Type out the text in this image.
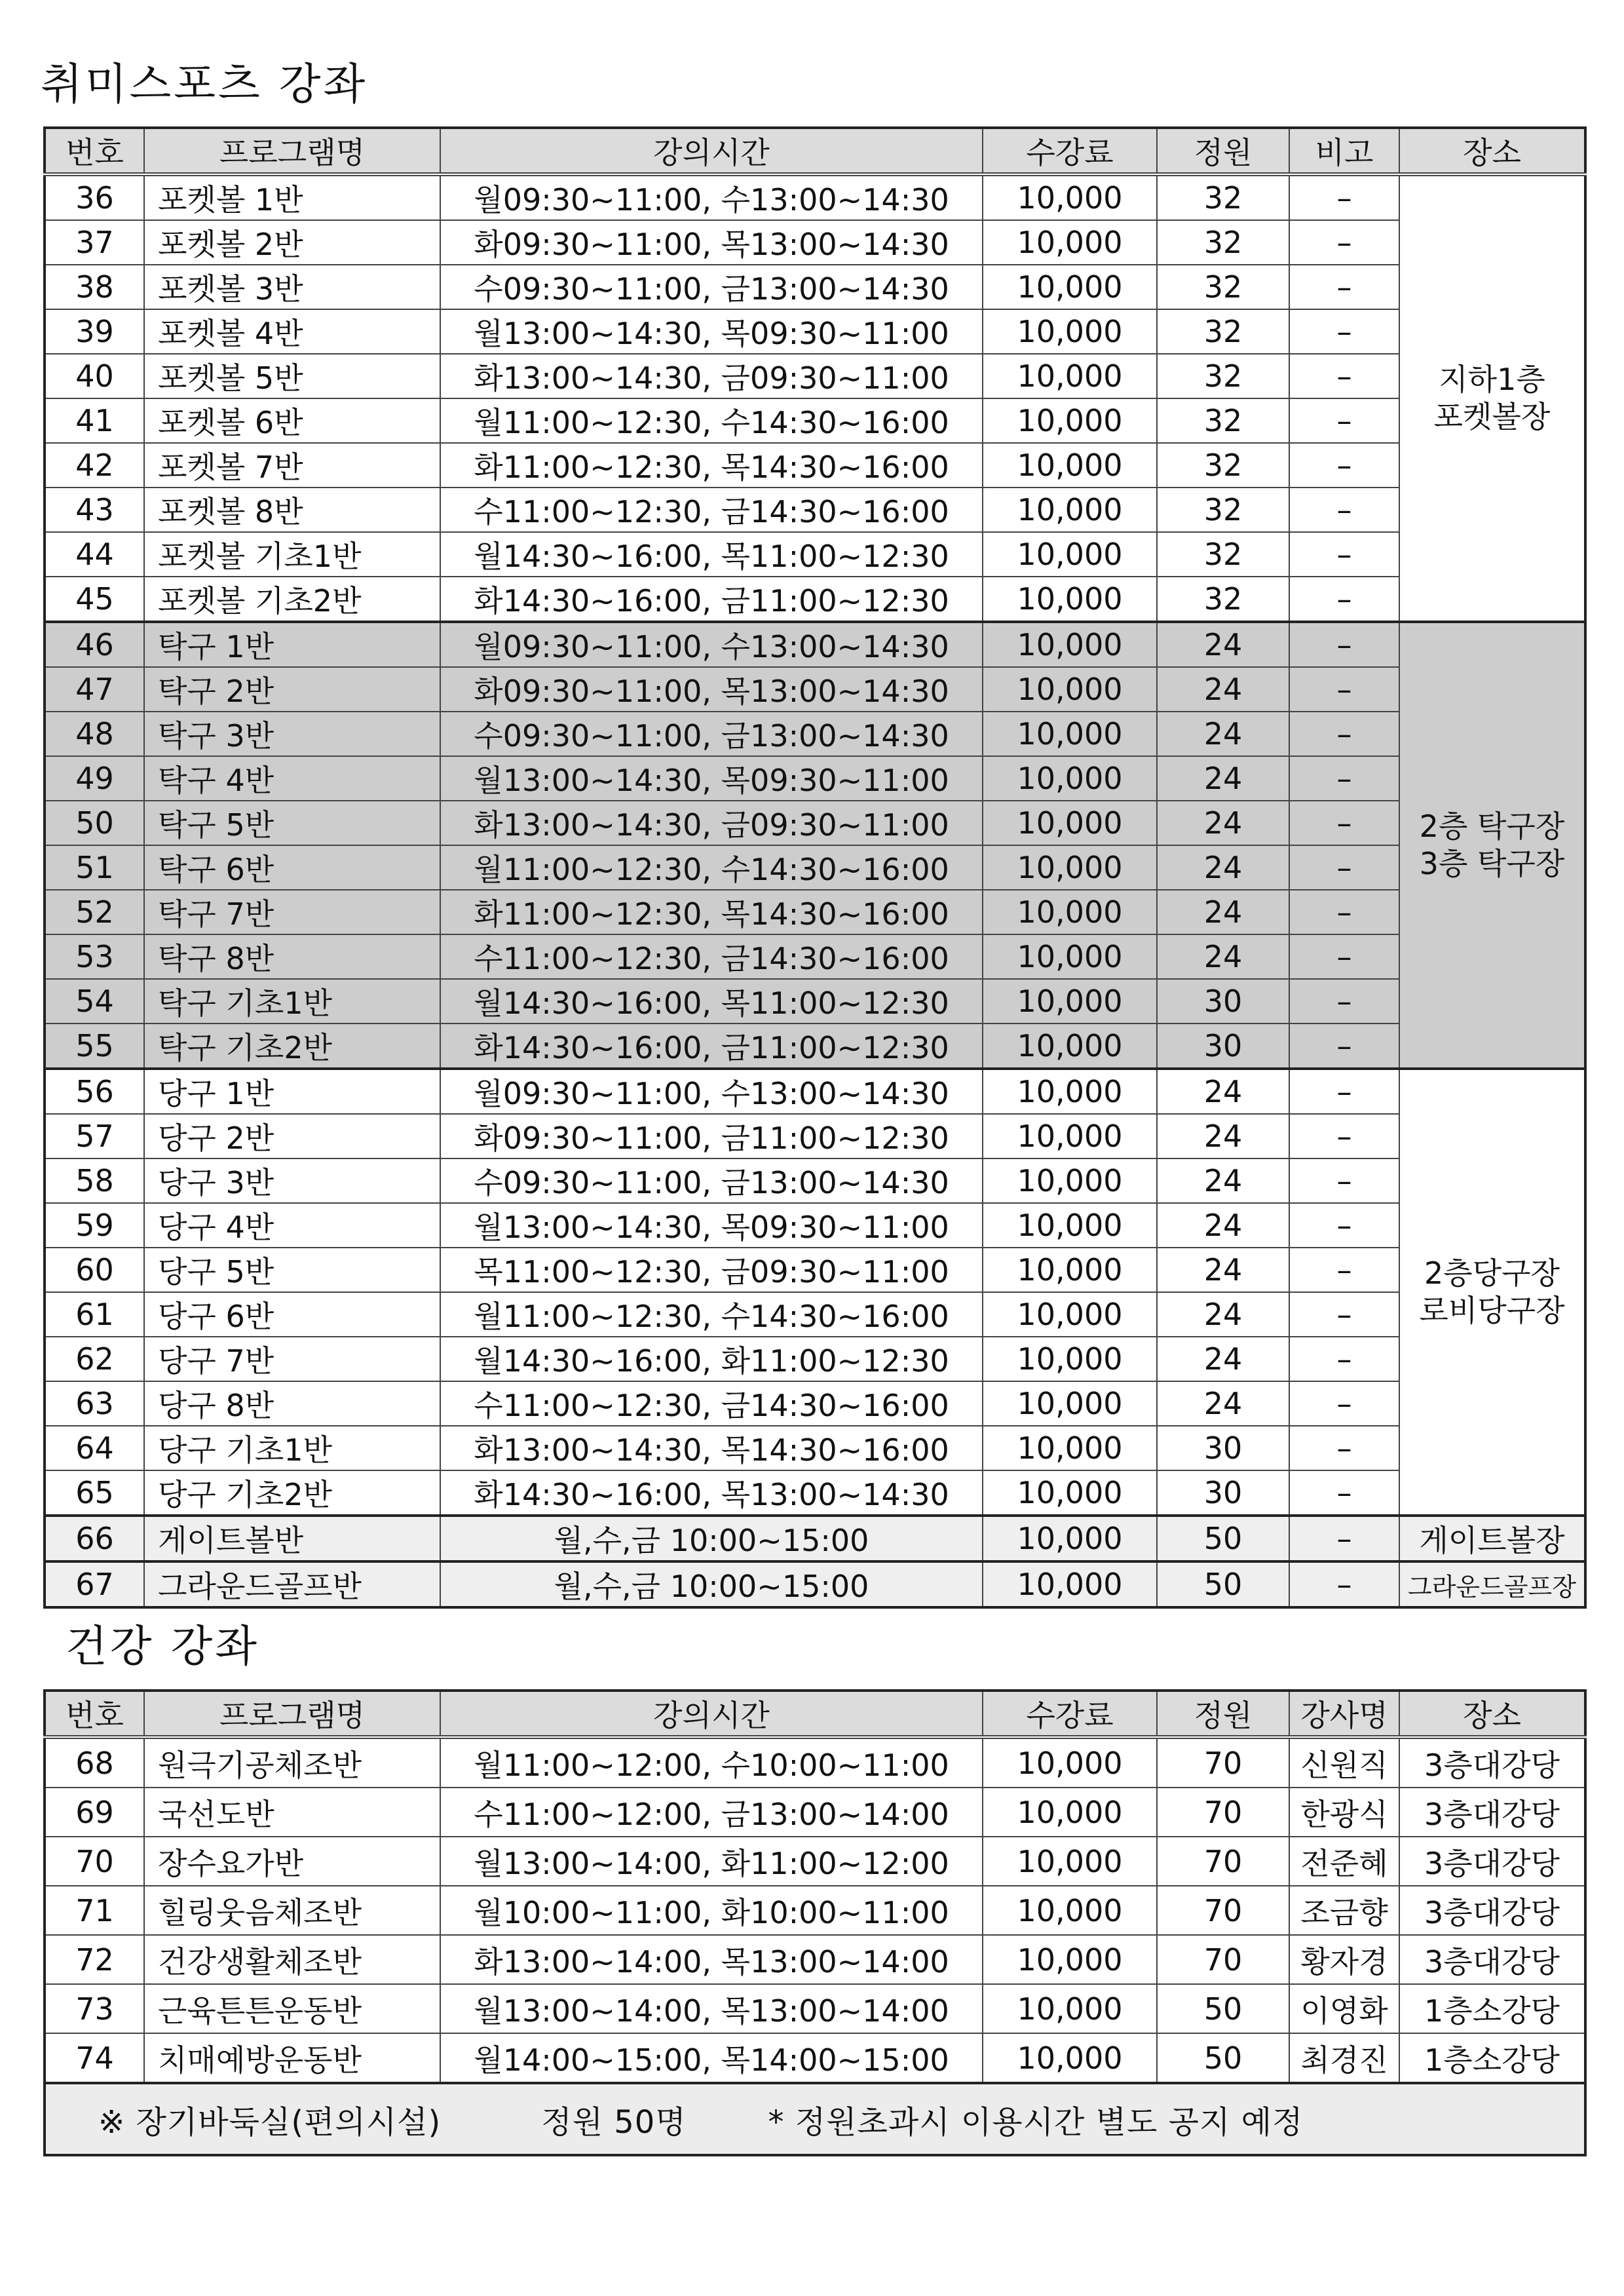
취미스포츠 강좌
번호	프로그램명	강의시간	수강료	정원	비고	장소
36	포켓볼 1반	월09:30~11:00, 수13:00~14:30	10,000	32	–	지하1층
포켓볼장

37	포켓볼 2반	화09:30~11:00, 목13:00~14:30	10,000	32	–	
38	포켓볼 3반	수09:30~11:00, 금13:00~14:30	10,000	32	–	
39	포켓볼 4반	월13:00~14:30, 목09:30~11:00	10,000	32	–	
40	포켓볼 5반	화13:00~14:30, 금09:30~11:00	10,000	32	–	
41	포켓볼 6반	월11:00~12:30, 수14:30~16:00	10,000	32	–	
42	포켓볼 7반	화11:00~12:30, 목14:30~16:00	10,000	32	–	
43	포켓볼 8반	수11:00~12:30, 금14:30~16:00	10,000	32	–	
44	포켓볼 기초1반	월14:30~16:00, 목11:00~12:30	10,000	32	–	
45	포켓볼 기초2반	화14:30~16:00, 금11:00~12:30	10,000	32	–	
46	탁구 1반	월09:30~11:00, 수13:00~14:30	10,000	24	–	2층 탁구장
3층 탁구장

47	탁구 2반	화09:30~11:00, 목13:00~14:30	10,000	24	–	
48	탁구 3반	수09:30~11:00, 금13:00~14:30	10,000	24	–	
49	탁구 4반	월13:00~14:30, 목09:30~11:00	10,000	24	–	
50	탁구 5반	화13:00~14:30, 금09:30~11:00	10,000	24	–	
51	탁구 6반	월11:00~12:30, 수14:30~16:00	10,000	24	–	
52	탁구 7반	화11:00~12:30, 목14:30~16:00	10,000	24	–	
53	탁구 8반	수11:00~12:30, 금14:30~16:00	10,000	24	–	
54	탁구 기초1반	월14:30~16:00, 목11:00~12:30	10,000	30	–	
55	탁구 기초2반	화14:30~16:00, 금11:00~12:30	10,000	30	–	
56	당구 1반	월09:30~11:00, 수13:00~14:30	10,000	24	–	2층당구장
로비당구장

57	당구 2반	화09:30~11:00, 금11:00~12:30	10,000	24	–	
58	당구 3반	수09:30~11:00, 금13:00~14:30	10,000	24	–	
59	당구 4반	월13:00~14:30, 목09:30~11:00	10,000	24	–	
60	당구 5반	목11:00~12:30, 금09:30~11:00	10,000	24	–	
61	당구 6반	월11:00~12:30, 수14:30~16:00	10,000	24	–	
62	당구 7반	월14:30~16:00, 화11:00~12:30	10,000	24	–	
63	당구 8반	수11:00~12:30, 금14:30~16:00	10,000	24	–	
64	당구 기초1반	화13:00~14:30, 목14:30~16:00	10,000	30	–	
65	당구 기초2반	화14:30~16:00, 목13:00~14:30	10,000	30	–	
66	게이트볼반	월,수,금 10:00~15:00	10,000	50	–	게이트볼장
67	그라운드골프반	월,수,금 10:00~15:00	10,000	50	–	그라운드골프장
건강 강좌
번호	프로그램명	강의시간	수강료	정원	강사명	장소
68	원극기공체조반	월11:00~12:00, 수10:00~11:00	10,000	70	신원직	3층대강당
69	국선도반	수11:00~12:00, 금13:00~14:00	10,000	70	한광식	3층대강당
70	장수요가반	월13:00~14:00, 화11:00~12:00	10,000	70	전준혜	3층대강당
71	힐링웃음체조반	월10:00~11:00, 화10:00~11:00	10,000	70	조금향	3층대강당
72	건강생활체조반	화13:00~14:00, 목13:00~14:00	10,000	70	황자경	3층대강당
73	근육튼튼운동반	월13:00~14:00, 목13:00~14:00	10,000	50	이영화	1층소강당
74	치매예방운동반	월14:00~15:00, 목14:00~15:00	10,000	50	최경진	1층소강당
※ 장기바둑실(편의시설) 정원 50명 * 정원초과시 이용시간 별도 공지 예정						
